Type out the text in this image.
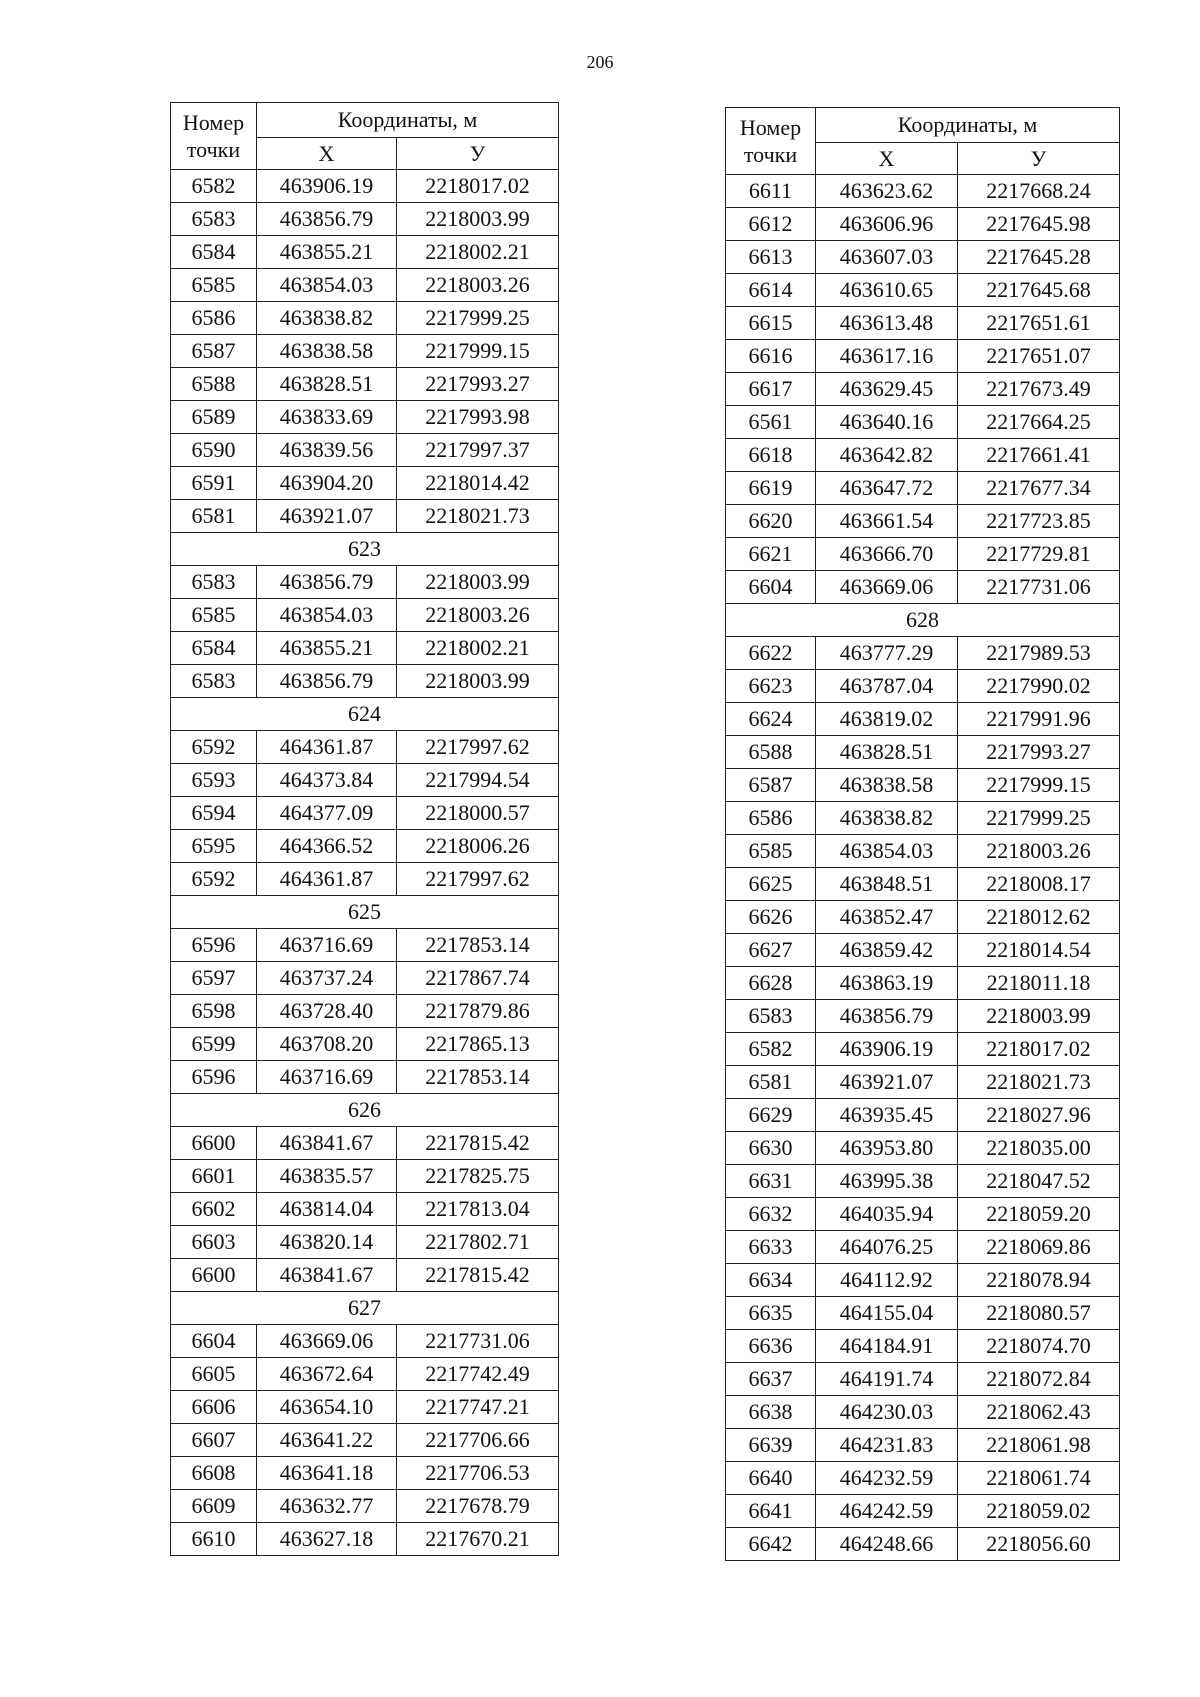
206
Номер
точки	Координаты, м	
	X	У
6582	463906.19	2218017.02
6583	463856.79	2218003.99
6584	463855.21	2218002.21
6585	463854.03	2218003.26
6586	463838.82	2217999.25
6587	463838.58	2217999.15
6588	463828.51	2217993.27
6589	463833.69	2217993.98
6590	463839.56	2217997.37
6591	463904.20	2218014.42
6581	463921.07	2218021.73
623		
6583	463856.79	2218003.99
6585	463854.03	2218003.26
6584	463855.21	2218002.21
6583	463856.79	2218003.99
624		
6592	464361.87	2217997.62
6593	464373.84	2217994.54
6594	464377.09	2218000.57
6595	464366.52	2218006.26
6592	464361.87	2217997.62
625		
6596	463716.69	2217853.14
6597	463737.24	2217867.74
6598	463728.40	2217879.86
6599	463708.20	2217865.13
6596	463716.69	2217853.14
626		
6600	463841.67	2217815.42
6601	463835.57	2217825.75
6602	463814.04	2217813.04
6603	463820.14	2217802.71
6600	463841.67	2217815.42
627		
6604	463669.06	2217731.06
6605	463672.64	2217742.49
6606	463654.10	2217747.21
6607	463641.22	2217706.66
6608	463641.18	2217706.53
6609	463632.77	2217678.79
6610	463627.18	2217670.21
Номер
точки	Координаты, м	
	X	У
6611	463623.62	2217668.24
6612	463606.96	2217645.98
6613	463607.03	2217645.28
6614	463610.65	2217645.68
6615	463613.48	2217651.61
6616	463617.16	2217651.07
6617	463629.45	2217673.49
6561	463640.16	2217664.25
6618	463642.82	2217661.41
6619	463647.72	2217677.34
6620	463661.54	2217723.85
6621	463666.70	2217729.81
6604	463669.06	2217731.06
628		
6622	463777.29	2217989.53
6623	463787.04	2217990.02
6624	463819.02	2217991.96
6588	463828.51	2217993.27
6587	463838.58	2217999.15
6586	463838.82	2217999.25
6585	463854.03	2218003.26
6625	463848.51	2218008.17
6626	463852.47	2218012.62
6627	463859.42	2218014.54
6628	463863.19	2218011.18
6583	463856.79	2218003.99
6582	463906.19	2218017.02
6581	463921.07	2218021.73
6629	463935.45	2218027.96
6630	463953.80	2218035.00
6631	463995.38	2218047.52
6632	464035.94	2218059.20
6633	464076.25	2218069.86
6634	464112.92	2218078.94
6635	464155.04	2218080.57
6636	464184.91	2218074.70
6637	464191.74	2218072.84
6638	464230.03	2218062.43
6639	464231.83	2218061.98
6640	464232.59	2218061.74
6641	464242.59	2218059.02
6642	464248.66	2218056.60
